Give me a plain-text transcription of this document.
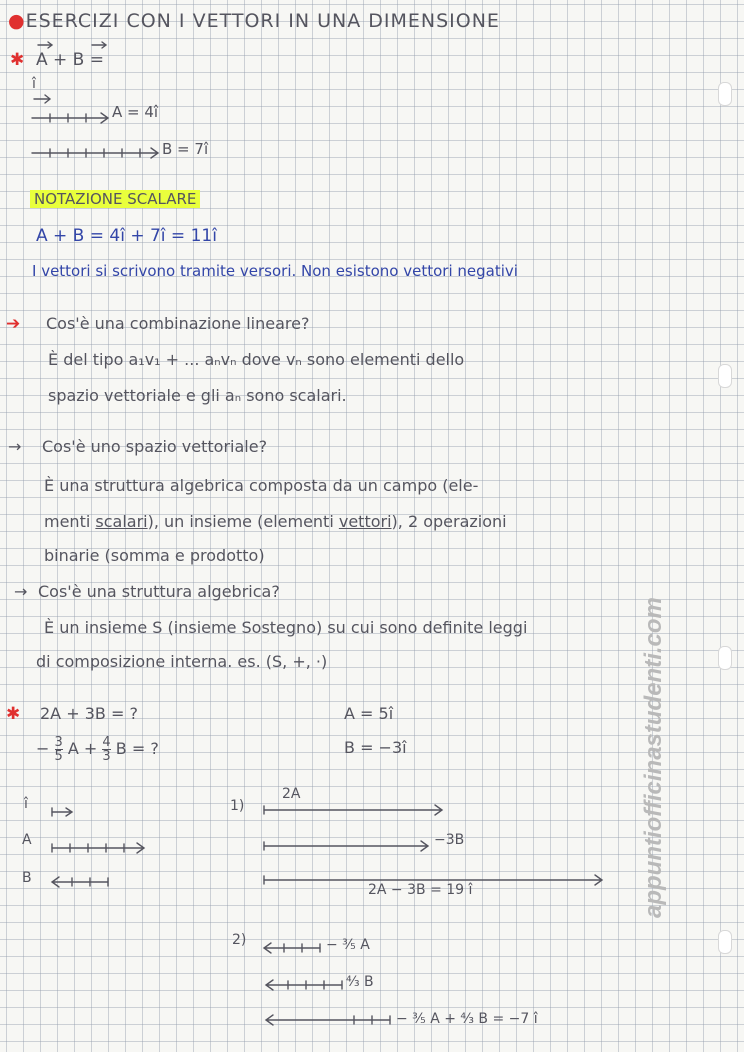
●ESERCIZI CON I VETTORI IN UNA DIMENSIONE
✱ A + B =
î
A = 4î
B = 7î
NOTAZIONE SCALARE
A + B = 4î + 7î = 11î
I vettori si scrivono tramite versori. Non esistono vettori negativi
➔ Cos'è una combinazione lineare?
È del tipo a₁v₁ + ... aₙvₙ dove vₙ sono elementi dello
spazio vettoriale e gli aₙ sono scalari.
→ Cos'è uno spazio vettoriale?
È una struttura algebrica composta da un campo (ele-
menti scalari), un insieme (elementi vettori), 2 operazioni
binarie (somma e prodotto)
→ Cos'è una struttura algebrica?
È un insieme S (insieme Sostegno) su cui sono definite leggi
di composizione interna. es. (S, +, ·)
✱ 2A + 3B = ?
− $\frac{3}{5}$ $A + \frac{4}{3}$ B = ?
A = 5î
B = −3î
î
A
B
1)
2A
−3B
2A − 3B = 19 î
2)	− ³⁄₅ A
⁴⁄₃ B
− ³⁄₅ A + ⁴⁄₃ B = −7 î
appuntiofficinastudenti.com
